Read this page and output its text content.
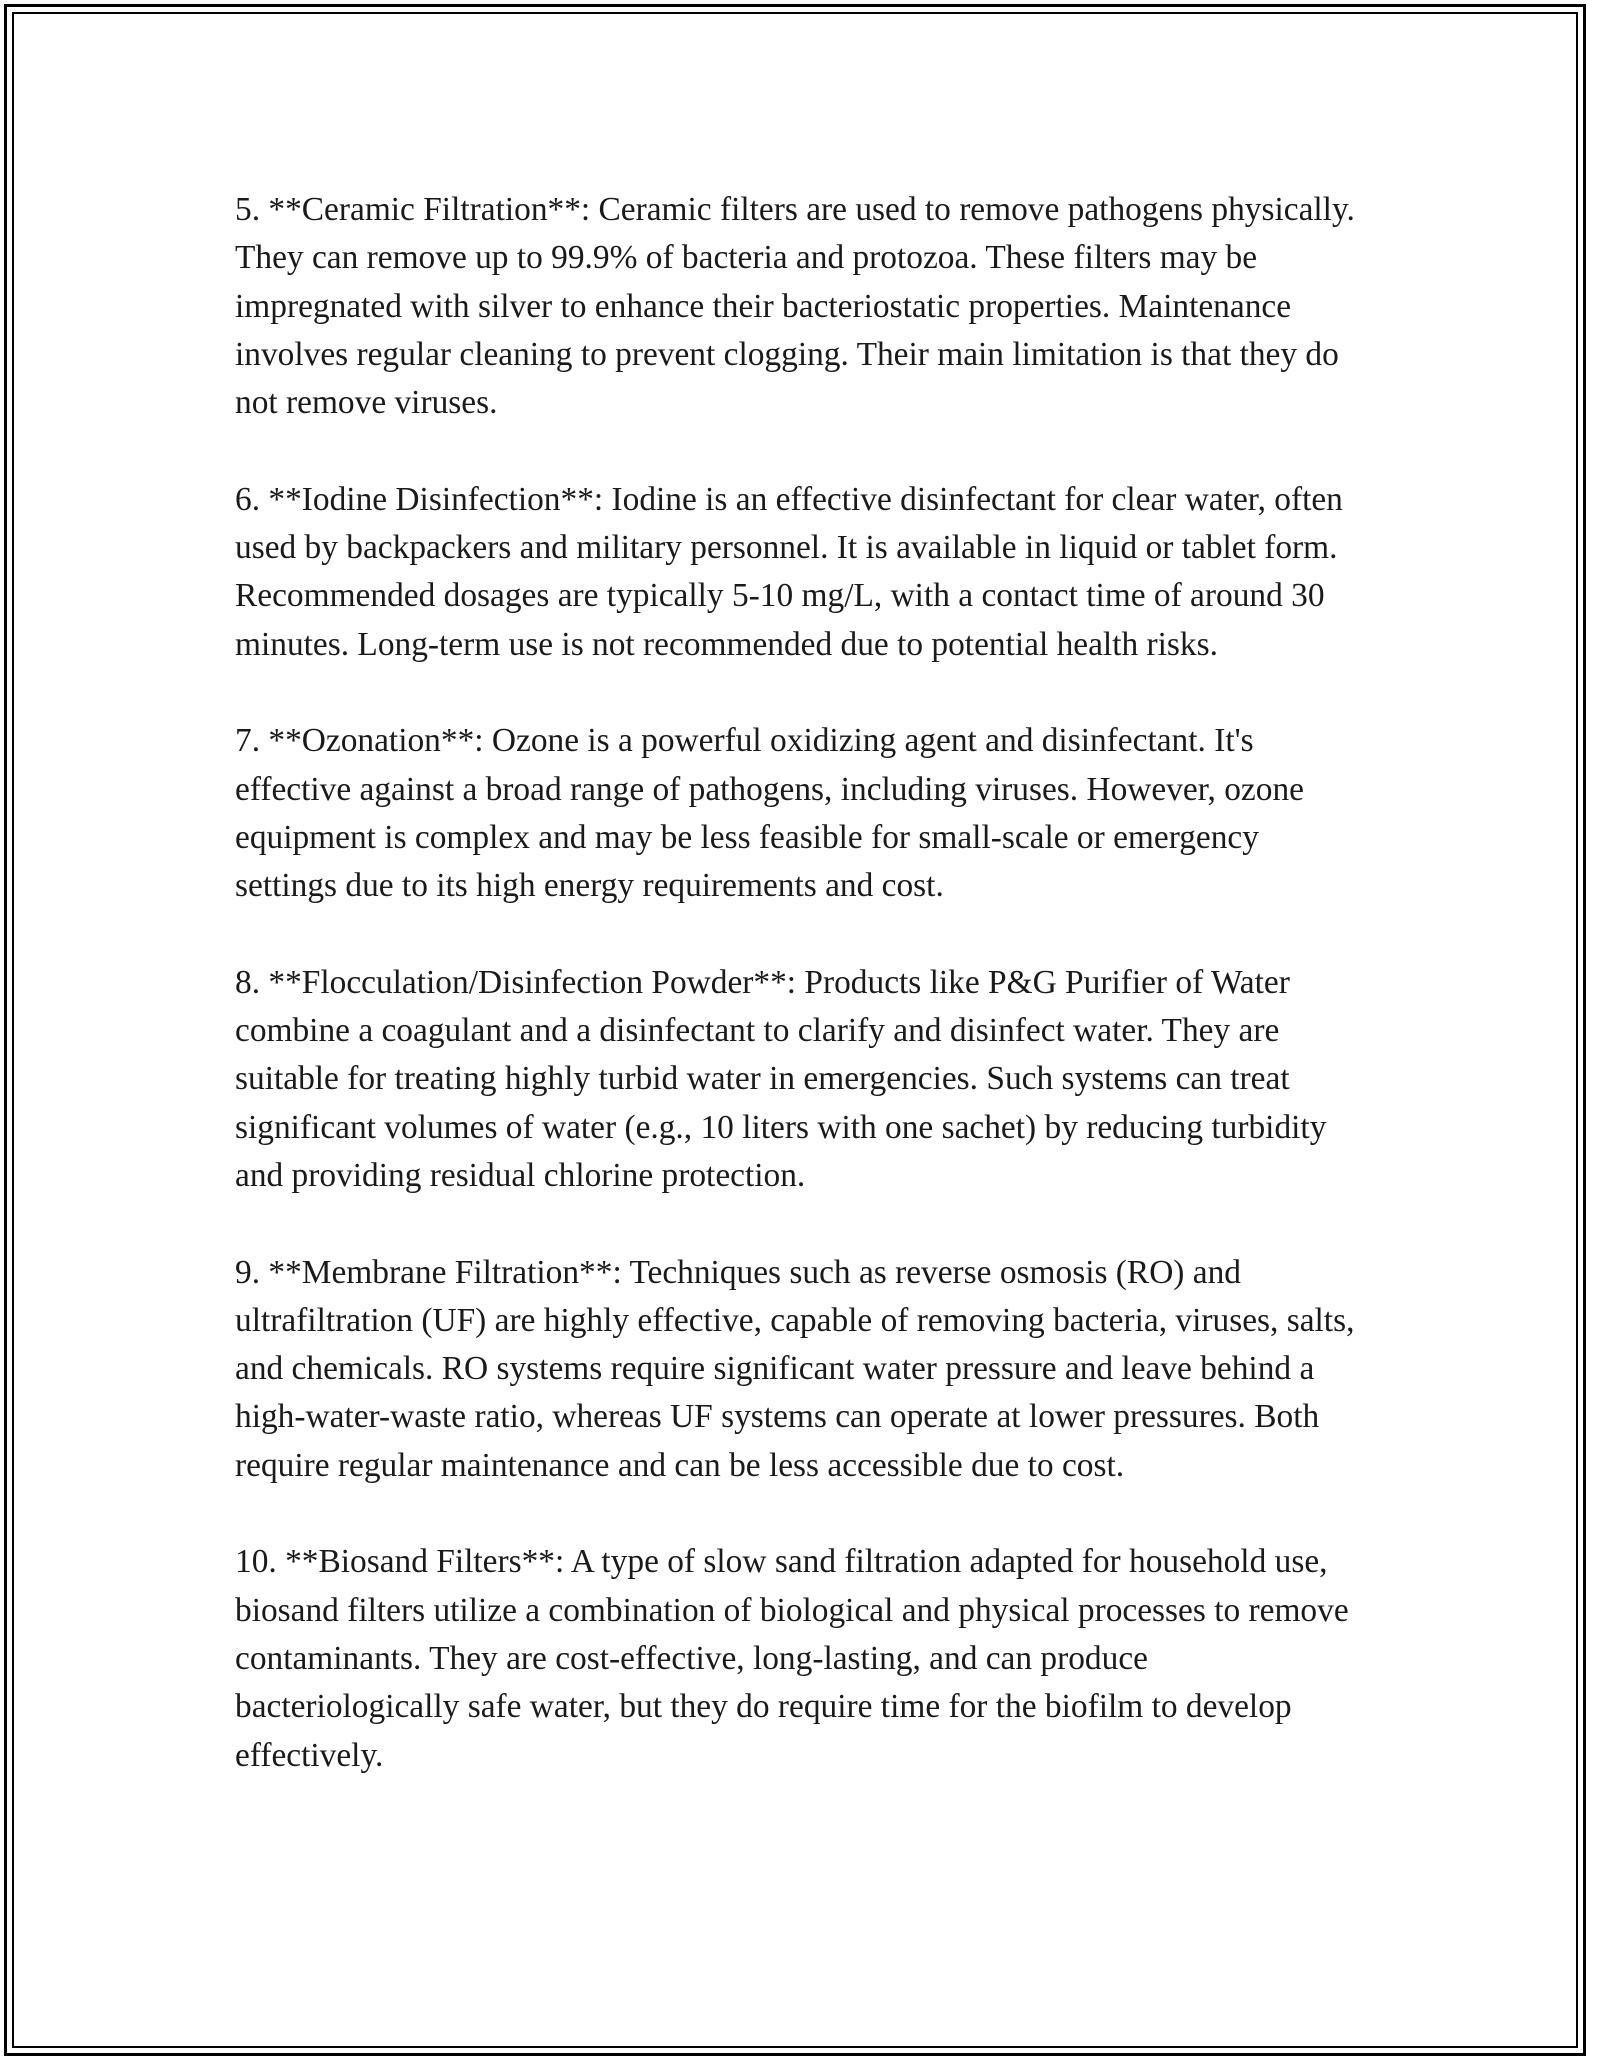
5. **Ceramic Filtration**: Ceramic filters are used to remove pathogens physically. They can remove up to 99.9% of bacteria and protozoa. These filters may be impregnated with silver to enhance their bacteriostatic properties. Maintenance involves regular cleaning to prevent clogging. Their main limitation is that they do not remove viruses.

6. **Iodine Disinfection**: Iodine is an effective disinfectant for clear water, often used by backpackers and military personnel. It is available in liquid or tablet form. Recommended dosages are typically 5-10 mg/L, with a contact time of around 30 minutes. Long-term use is not recommended due to potential health risks.

7. **Ozonation**: Ozone is a powerful oxidizing agent and disinfectant. It's effective against a broad range of pathogens, including viruses. However, ozone equipment is complex and may be less feasible for small-scale or emergency settings due to its high energy requirements and cost.

8. **Flocculation/Disinfection Powder**: Products like P&G Purifier of Water combine a coagulant and a disinfectant to clarify and disinfect water. They are suitable for treating highly turbid water in emergencies. Such systems can treat significant volumes of water (e.g., 10 liters with one sachet) by reducing turbidity and providing residual chlorine protection.

9. **Membrane Filtration**: Techniques such as reverse osmosis (RO) and ultrafiltration (UF) are highly effective, capable of removing bacteria, viruses, salts, and chemicals. RO systems require significant water pressure and leave behind a high-water-waste ratio, whereas UF systems can operate at lower pressures. Both require regular maintenance and can be less accessible due to cost.

10. **Biosand Filters**: A type of slow sand filtration adapted for household use, biosand filters utilize a combination of biological and physical processes to remove contaminants. They are cost-effective, long-lasting, and can produce bacteriologically safe water, but they do require time for the biofilm to develop effectively.
